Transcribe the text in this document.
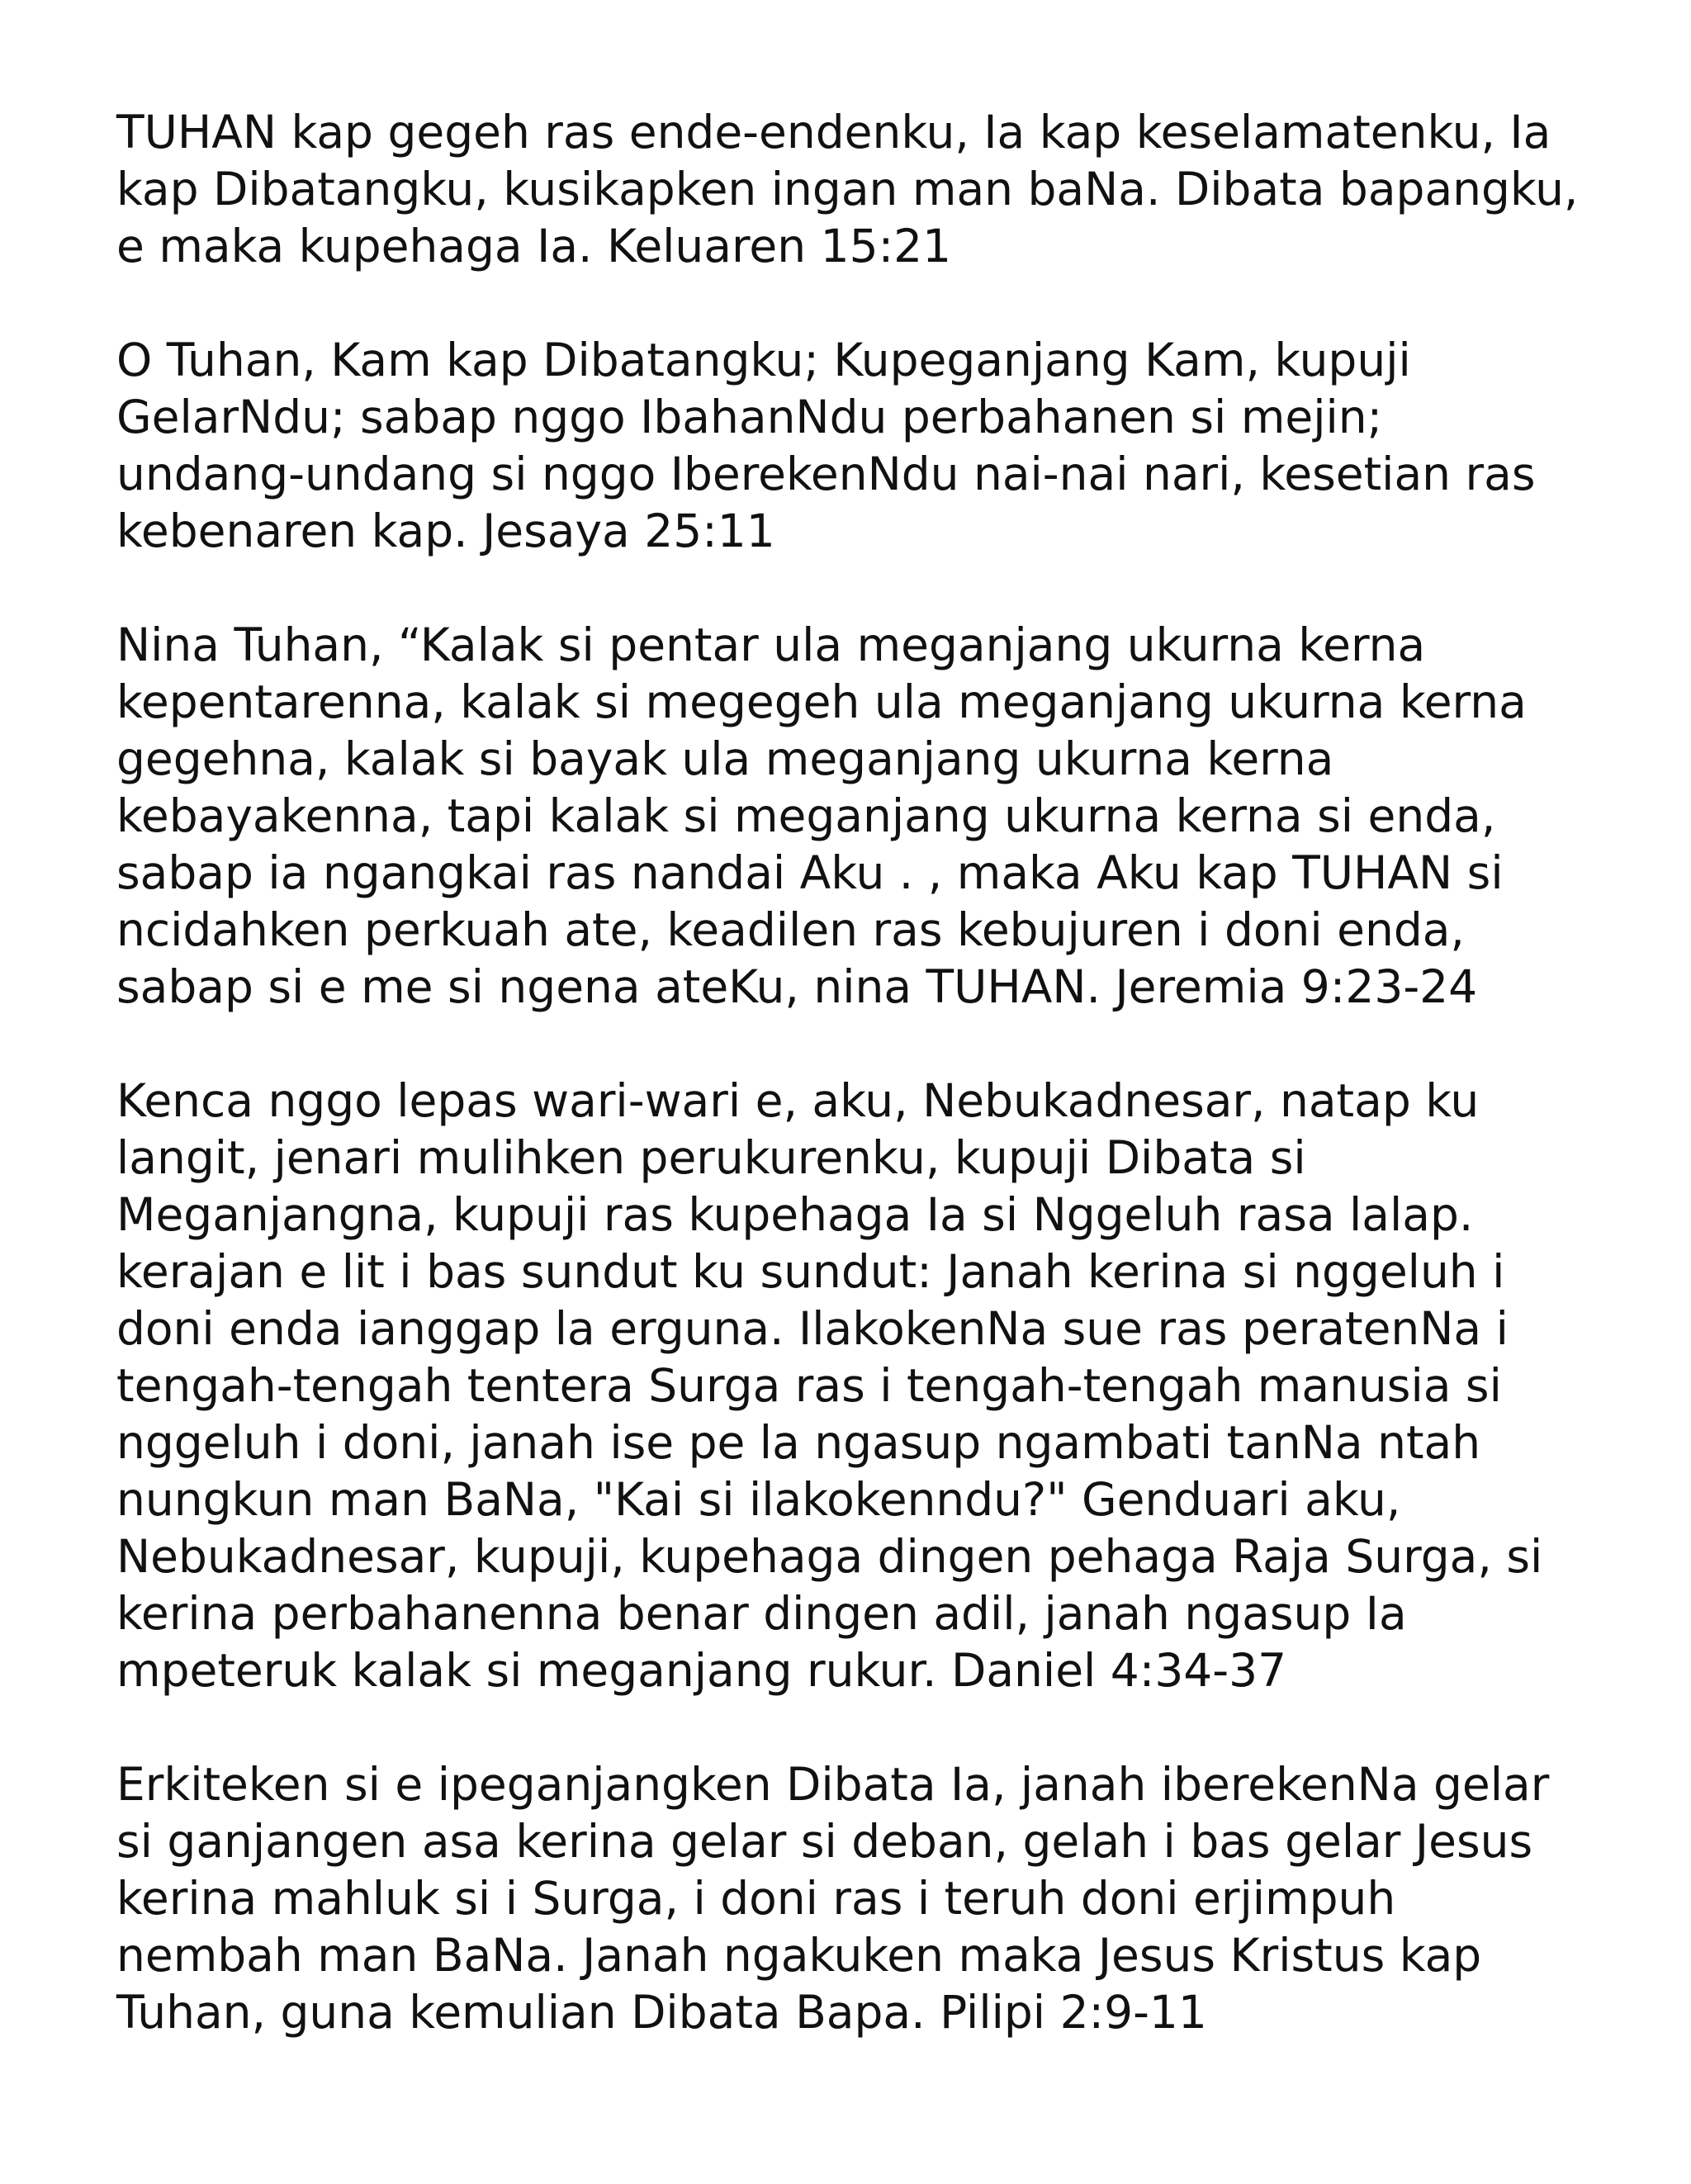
TUHAN kap gegeh ras ende-endenku, Ia kap keselamatenku, Ia
kap Dibatangku, kusikapken ingan man baNa. Dibata bapangku,
e maka kupehaga Ia. Keluaren 15:21

O Tuhan, Kam kap Dibatangku; Kupeganjang Kam, kupuji
GelarNdu; sabap nggo IbahanNdu perbahanen si mejin;
undang-undang si nggo IberekenNdu nai-nai nari, kesetian ras
kebenaren kap. Jesaya 25:11

Nina Tuhan, “Kalak si pentar ula meganjang ukurna kerna
kepentarenna, kalak si megegeh ula meganjang ukurna kerna
gegehna, kalak si bayak ula meganjang ukurna kerna
kebayakenna, tapi kalak si meganjang ukurna kerna si enda,
sabap ia ngangkai ras nandai Aku . , maka Aku kap TUHAN si
ncidahken perkuah ate, keadilen ras kebujuren i doni enda,
sabap si e me si ngena ateKu, nina TUHAN. Jeremia 9:23-24

Kenca nggo lepas wari-wari e, aku, Nebukadnesar, natap ku
langit, jenari mulihken perukurenku, kupuji Dibata si
Meganjangna, kupuji ras kupehaga Ia si Nggeluh rasa lalap.
kerajan e lit i bas sundut ku sundut: Janah kerina si nggeluh i
doni enda ianggap la erguna. IlakokenNa sue ras peratenNa i
tengah-tengah tentera Surga ras i tengah-tengah manusia si
nggeluh i doni, janah ise pe la ngasup ngambati tanNa ntah
nungkun man BaNa, "Kai si ilakokenndu?" Genduari aku,
Nebukadnesar, kupuji, kupehaga dingen pehaga Raja Surga, si
kerina perbahanenna benar dingen adil, janah ngasup Ia
mpeteruk kalak si meganjang rukur. Daniel 4:34-37

Erkiteken si e ipeganjangken Dibata Ia, janah iberekenNa gelar
si ganjangen asa kerina gelar si deban, gelah i bas gelar Jesus
kerina mahluk si i Surga, i doni ras i teruh doni erjimpuh
nembah man BaNa. Janah ngakuken maka Jesus Kristus kap
Tuhan, guna kemulian Dibata Bapa. Pilipi 2:9-11
